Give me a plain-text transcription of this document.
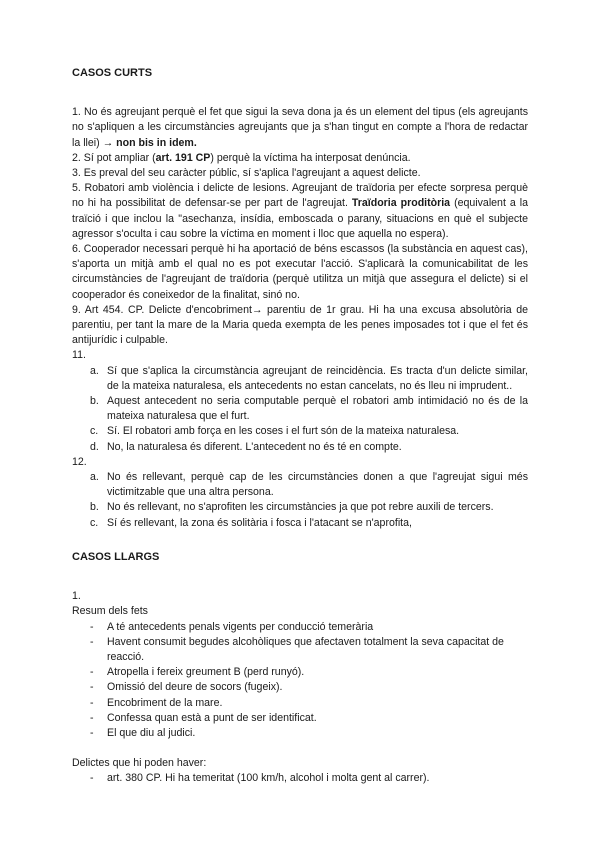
CASOS CURTS

1. No és agreujant perquè el fet que sigui la seva dona ja és un element del tipus (els agreujants no s'apliquen a les circumstàncies agreujants que ja s'han tingut en compte a l'hora de redactar la llei) → non bis in idem.

2. Sí pot ampliar (art. 191 CP) perquè la víctima ha interposat denúncia.

3. Es preval del seu caràcter públic, sí s'aplica l'agreujant a aquest delicte.

5. Robatori amb violència i delicte de lesions. Agreujant de traïdoria per efecte sorpresa perquè no hi ha possibilitat de defensar-se per part de l'agreujat. Traïdoria proditòria (equivalent a la traïció i que inclou la "asechanza, insídia, emboscada o parany, situacions en què el subjecte agressor s'oculta i cau sobre la víctima en moment i lloc que aquella no espera).

6. Cooperador necessari perquè hi ha aportació de béns escassos (la substància en aquest cas), s'aporta un mitjà amb el qual no es pot executar l'acció. S'aplicarà la comunicabilitat de les circumstàncies de l'agreujant de traïdoria (perquè utilitza un mitjà que assegura el delicte) si el cooperador és coneixedor de la finalitat, sinó no.

9. Art 454. CP. Delicte d'encobriment→ parentiu de 1r grau. Hi ha una excusa absolutòria de parentiu, per tant la mare de la Maria queda exempta de les penes imposades tot i que el fet és antijurídic i culpable.

11.

a. Sí que s'aplica la circumstància agreujant de reincidència. Es tracta d'un delicte similar, de la mateixa naturalesa, els antecedents no estan cancelats, no és lleu ni imprudent..

b. Aquest antecedent no seria computable perquè el robatori amb intimidació no és de la mateixa naturalesa que el furt.

c. Sí. El robatori amb força en les coses i el furt són de la mateixa naturalesa.

d. No, la naturalesa és diferent. L'antecedent no és té en compte.

12.

a. No és rellevant, perquè cap de les circumstàncies donen a que l'agreujat sigui més victimitzable que una altra persona.

b. No és rellevant, no s'aprofiten les circumstàncies ja que pot rebre auxili de tercers.

c. Sí és rellevant, la zona és solitària i fosca i l'atacant se n'aprofita,

CASOS LLARGS

1.

Resum dels fets

- A té antecedents penals vigents per conducció temerària

- Havent consumit begudes alcohòliques que afectaven totalment la seva capacitat de reacció.

- Atropella i fereix greument B (perd runyó).

- Omissió del deure de socors (fugeix).

- Encobriment de la mare.

- Confessa quan està a punt de ser identificat.

- El que diu al judici.

Delictes que hi poden haver:

- art. 380 CP. Hi ha temeritat (100 km/h, alcohol i molta gent al carrer).
